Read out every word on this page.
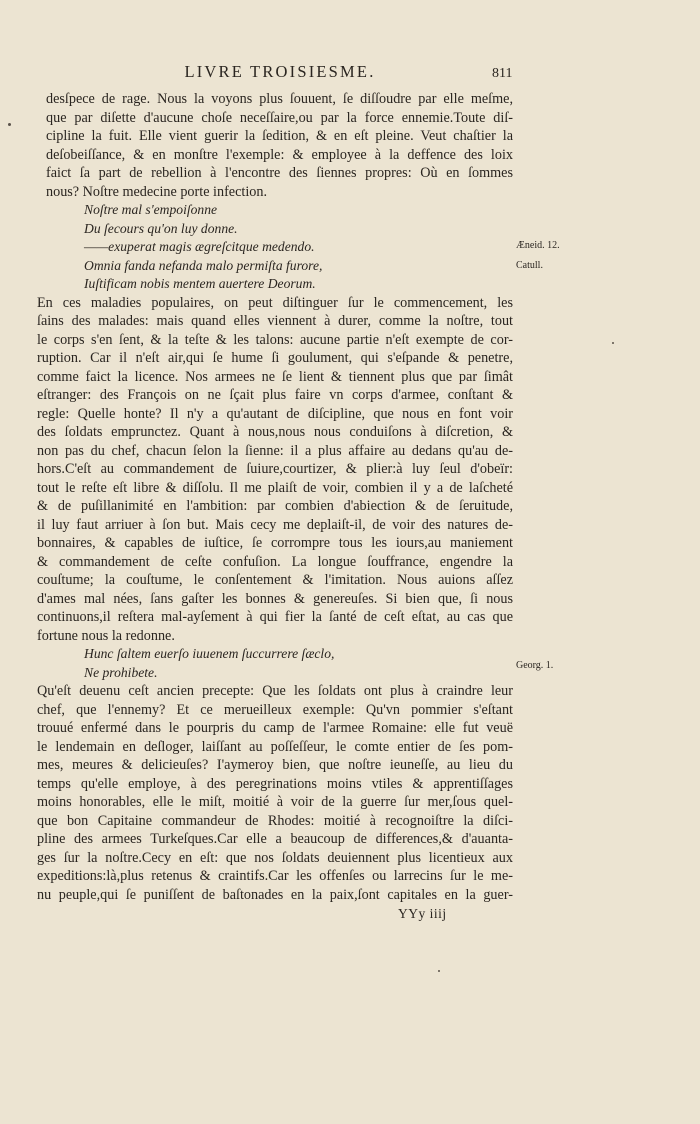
LIVRE TROISIESME.	811
desſpece de rage. Nous la voyons plus ſouuent, ſe diſſoudre par elle meſme,
que par diſette d'aucune choſe neceſſaire,ou par la force ennemie.Toute diſ-
cipline la fuit. Elle vient guerir la ſedition, & en eſt pleine. Veut chaſtier la
deſobeiſſance, & en monſtre l'exemple: & employee à la deffence des loix
faict ſa part de rebellion à l'encontre des ſiennes propres: Où en ſommes
nous? Noſtre medecine porte infection.
Noſtre mal s'empoiſonne
Du ſecours qu'on luy donne.
——exuperat magis ægreſcitque medendo.
Omnia fanda nefanda malo permiſta furore,
Iuſtificam nobis mentem auertere Deorum.
En ces maladies populaires, on peut diſtinguer ſur le commencement, les
ſains des malades: mais quand elles viennent à durer, comme la noſtre, tout
le corps s'en ſent, & la teſte & les talons: aucune partie n'eſt exempte de cor-
ruption. Car il n'eſt air,qui ſe hume ſi goulument, qui s'eſpande & penetre,
comme faict la licence. Nos armees ne ſe lient & tiennent plus que par ſimât
eſtranger: des François on ne ſçait plus faire vn corps d'armee, conſtant &
regle: Quelle honte? Il n'y a qu'autant de diſcipline, que nous en font voir
des ſoldats emprunctez. Quant à nous,nous nous conduiſons à diſcretion, &
non pas du chef, chacun ſelon la ſienne: il a plus affaire au dedans qu'au de-
hors.C'eſt au commandement de ſuiure,courtizer, & plier:à luy ſeul d'obeïr:
tout le reſte eſt libre & diſſolu. Il me plaiſt de voir, combien il y a de laſcheté
& de puſillanimité en l'ambition: par combien d'abiection & de ſeruitude,
il luy faut arriuer à ſon but. Mais cecy me deplaiſt-il, de voir des natures de-
bonnaires, & capables de iuſtice, ſe corrompre tous les iours,au maniement
& commandement de ceſte confuſion. La longue ſouffrance, engendre la
couſtume; la couſtume, le conſentement & l'imitation. Nous auions aſſez
d'ames mal nées, ſans gaſter les bonnes & genereuſes. Si bien que, ſi nous
continuons,il reſtera mal-ayſement à qui fier la ſanté de ceſt eſtat, au cas que
fortune nous la redonne.
Hunc ſaltem euerſo iuuenem ſuccurrere ſæclo,
Ne prohibete.
Qu'eſt deuenu ceſt ancien precepte: Que les ſoldats ont plus à craindre leur
chef, que l'ennemy? Et ce merueilleux exemple: Qu'vn pommier s'eſtant
trouué enfermé dans le pourpris du camp de l'armee Romaine: elle fut veuë
le lendemain en deſloger, laiſſant au poſſeſſeur, le comte entier de ſes pom-
mes, meures & delicieuſes? I'aymeroy bien, que noſtre ieuneſſe, au lieu du
temps qu'elle employe, à des peregrinations moins vtiles & apprentiſſages
moins honorables, elle le miſt, moitié à voir de la guerre ſur mer,ſous quel-
que bon Capitaine commandeur de Rhodes: moitié à recognoiſtre la diſci-
pline des armees Turkeſques.Car elle a beaucoup de differences,& d'auanta-
ges ſur la noſtre.Cecy en eſt: que nos ſoldats deuiennent plus licentieux aux
expeditions:là,plus retenus & craintifs.Car les offenſes ou larrecins ſur le me-
nu peuple,qui ſe puniſſent de baſtonades en la paix,ſont capitales en la guer-
Æneid. 12.
Catull.
Georg. 1.
YYy iiij
